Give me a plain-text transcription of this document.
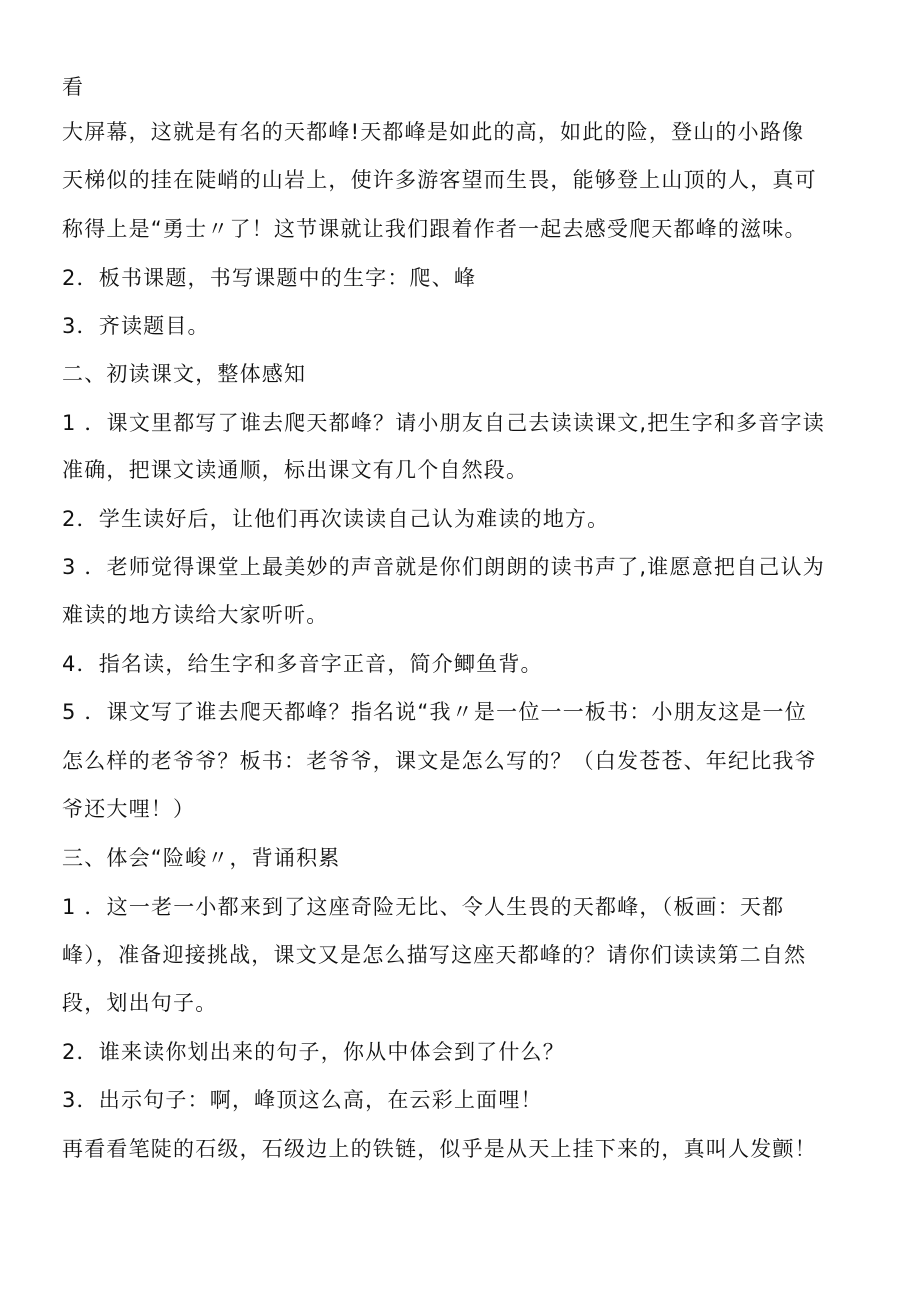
看

大屏幕，这就是有名的天都峰!天都峰是如此的高，如此的险，登山的小路像

天梯似的挂在陡峭的山岩上，使许多游客望而生畏，能够登上山顶的人，真可

称得上是“勇士〃了！这节课就让我们跟着作者一起去感受爬天都峰的滋味。

2．板书课题，书写课题中的生字：爬、峰

3．齐读题目。

二、初读课文，整体感知

1 ．课文里都写了谁去爬天都峰？请小朋友自己去读读课文,把生字和多音字读

准确，把课文读通顺，标出课文有几个自然段。

2．学生读好后，让他们再次读读自己认为难读的地方。

3 ．老师觉得课堂上最美妙的声音就是你们朗朗的读书声了,谁愿意把自己认为

难读的地方读给大家听听。

4．指名读，给生字和多音字正音，简介鲫鱼背。

5 ．课文写了谁去爬天都峰？指名说“我〃是一位一一板书：小朋友这是一位

怎么样的老爷爷？板书：老爷爷，课文是怎么写的？（白发苍苍、年纪比我爷

爷还大哩！）

三、体会“险峻〃，背诵积累

1 ．这一老一小都来到了这座奇险无比、令人生畏的天都峰，（板画：天都

峰），准备迎接挑战，课文又是怎么描写这座天都峰的？请你们读读第二自然

段，划出句子。

2．谁来读你划出来的句子，你从中体会到了什么？

3．出示句子：啊，峰顶这么高，在云彩上面哩！

再看看笔陡的石级，石级边上的铁链，似乎是从天上挂下来的，真叫人发颤！
